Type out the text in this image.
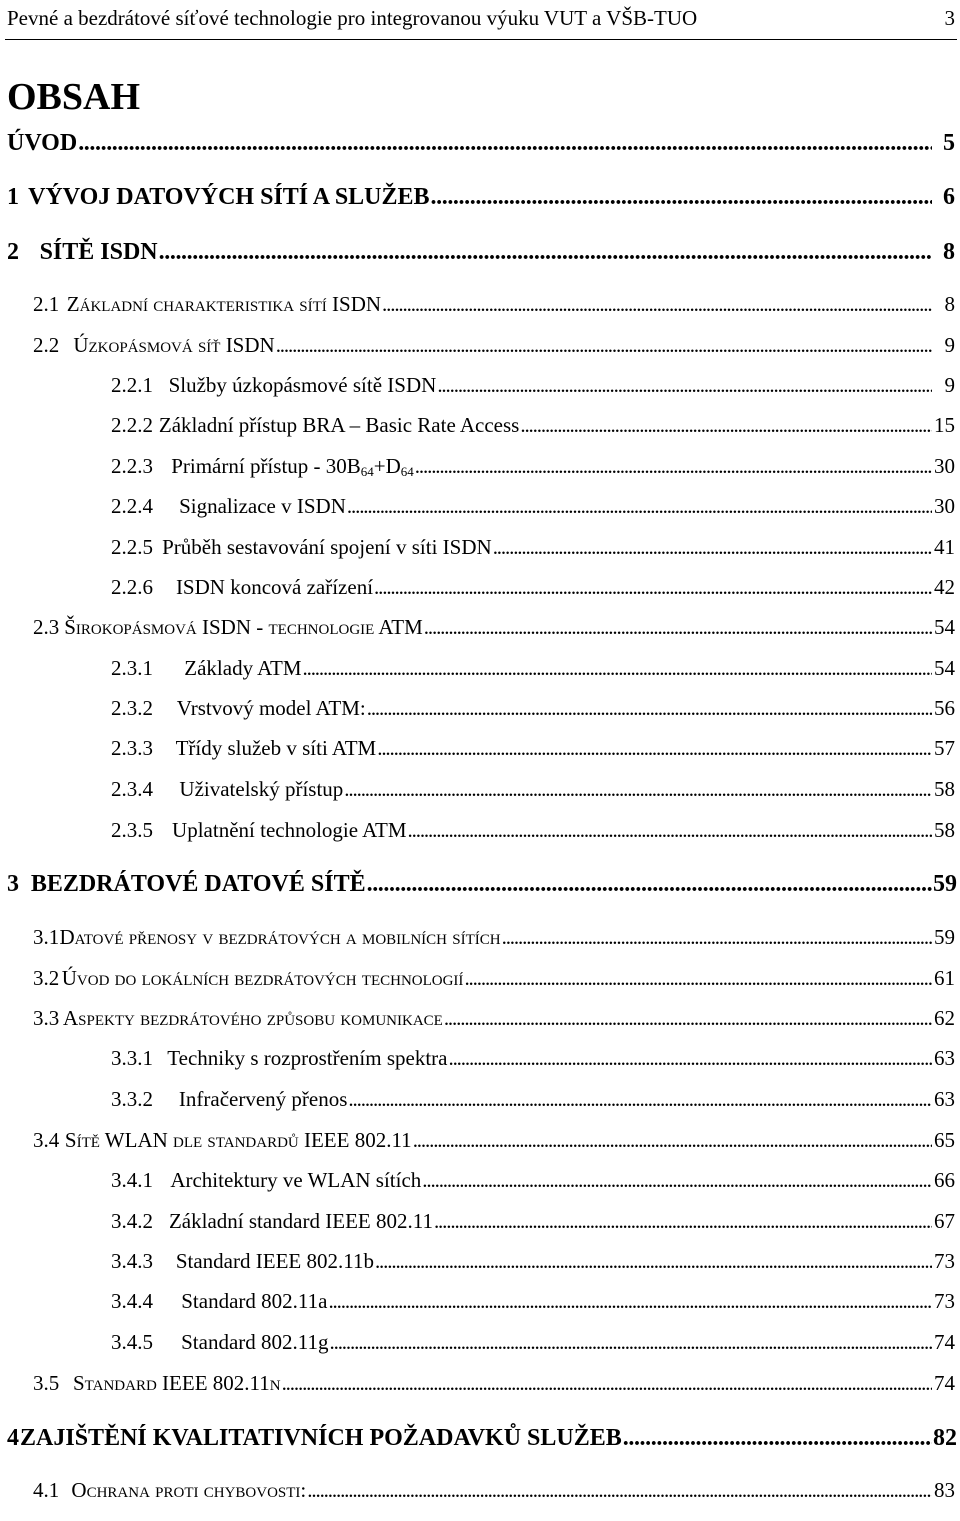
Pevné a bezdrátové síťové technologie pro integrovanou výuku VUT a VŠB-TUO	3
OBSAH
ÚVOD . . .	5
1 VÝVOJ DATOVÝCH SÍTÍ A SLUŽEB . . .	6
2 SÍTĚ ISDN . . .	8
2.1 Základní charakteristika sítí ISDN . . .	8
2.2 Úzkopásmová síť ISDN . . .	9
2.2.1 Služby úzkopásmové sítě ISDN . . .	9
2.2.2 Základní přístup BRA – Basic Rate Access . . .	15
2.2.3 Primární přístup - $30B_{64}+D_{64}$ . . .	30
2.2.4	Signalizace v ISDN . . .	30
2.2.5 Průběh sestavování spojení v síti ISDN . . .	41
2.2.6	ISDN koncová zařízení . . .	42
2.3 Širokopásmová ISDN - technologie ATM . . .	54
2.3.1	Základy ATM . . .	54
2.3.2	Vrstvový model ATM: . . .	56
2.3.3	Třídy služeb v síti ATM . . .	57
2.3.4	Uživatelský přístup . . .	58
2.3.5 Uplatnění technologie ATM . . .	58
3 BEZDRÁTOVÉ DATOVÉ SÍTĚ . . .	59
3.1 Datové přenosy v bezdrátových a mobilních sítích . . .	59
3.2 Úvod do lokálních bezdrátových technologií . . .	61
3.3 Aspekty bezdrátového způsobu komunikace . . .	62
3.3.1 Techniky s rozprostřením spektra . . .	63
3.3.2	Infračervený přenos . . .	63
3.4 Sítě WLAN dle standardů IEEE 802.11 . . .	65
3.4.1 Architektury ve WLAN sítích . . .	66
3.4.2 Základní standard IEEE 802.11 . . .	67
3.4.3	Standard IEEE 802.11b . . .	73
3.4.4	Standard 802.11a . . .	73
3.4.5	Standard 802.11g . . .	74
3.5 Standard IEEE 802.11n . . .	74
4 ZAJIŠTĚNÍ KVALITATIVNÍCH POŽADAVKŮ SLUŽEB . . .	82
4.1 Ochrana proti chybovosti: . . .	83
